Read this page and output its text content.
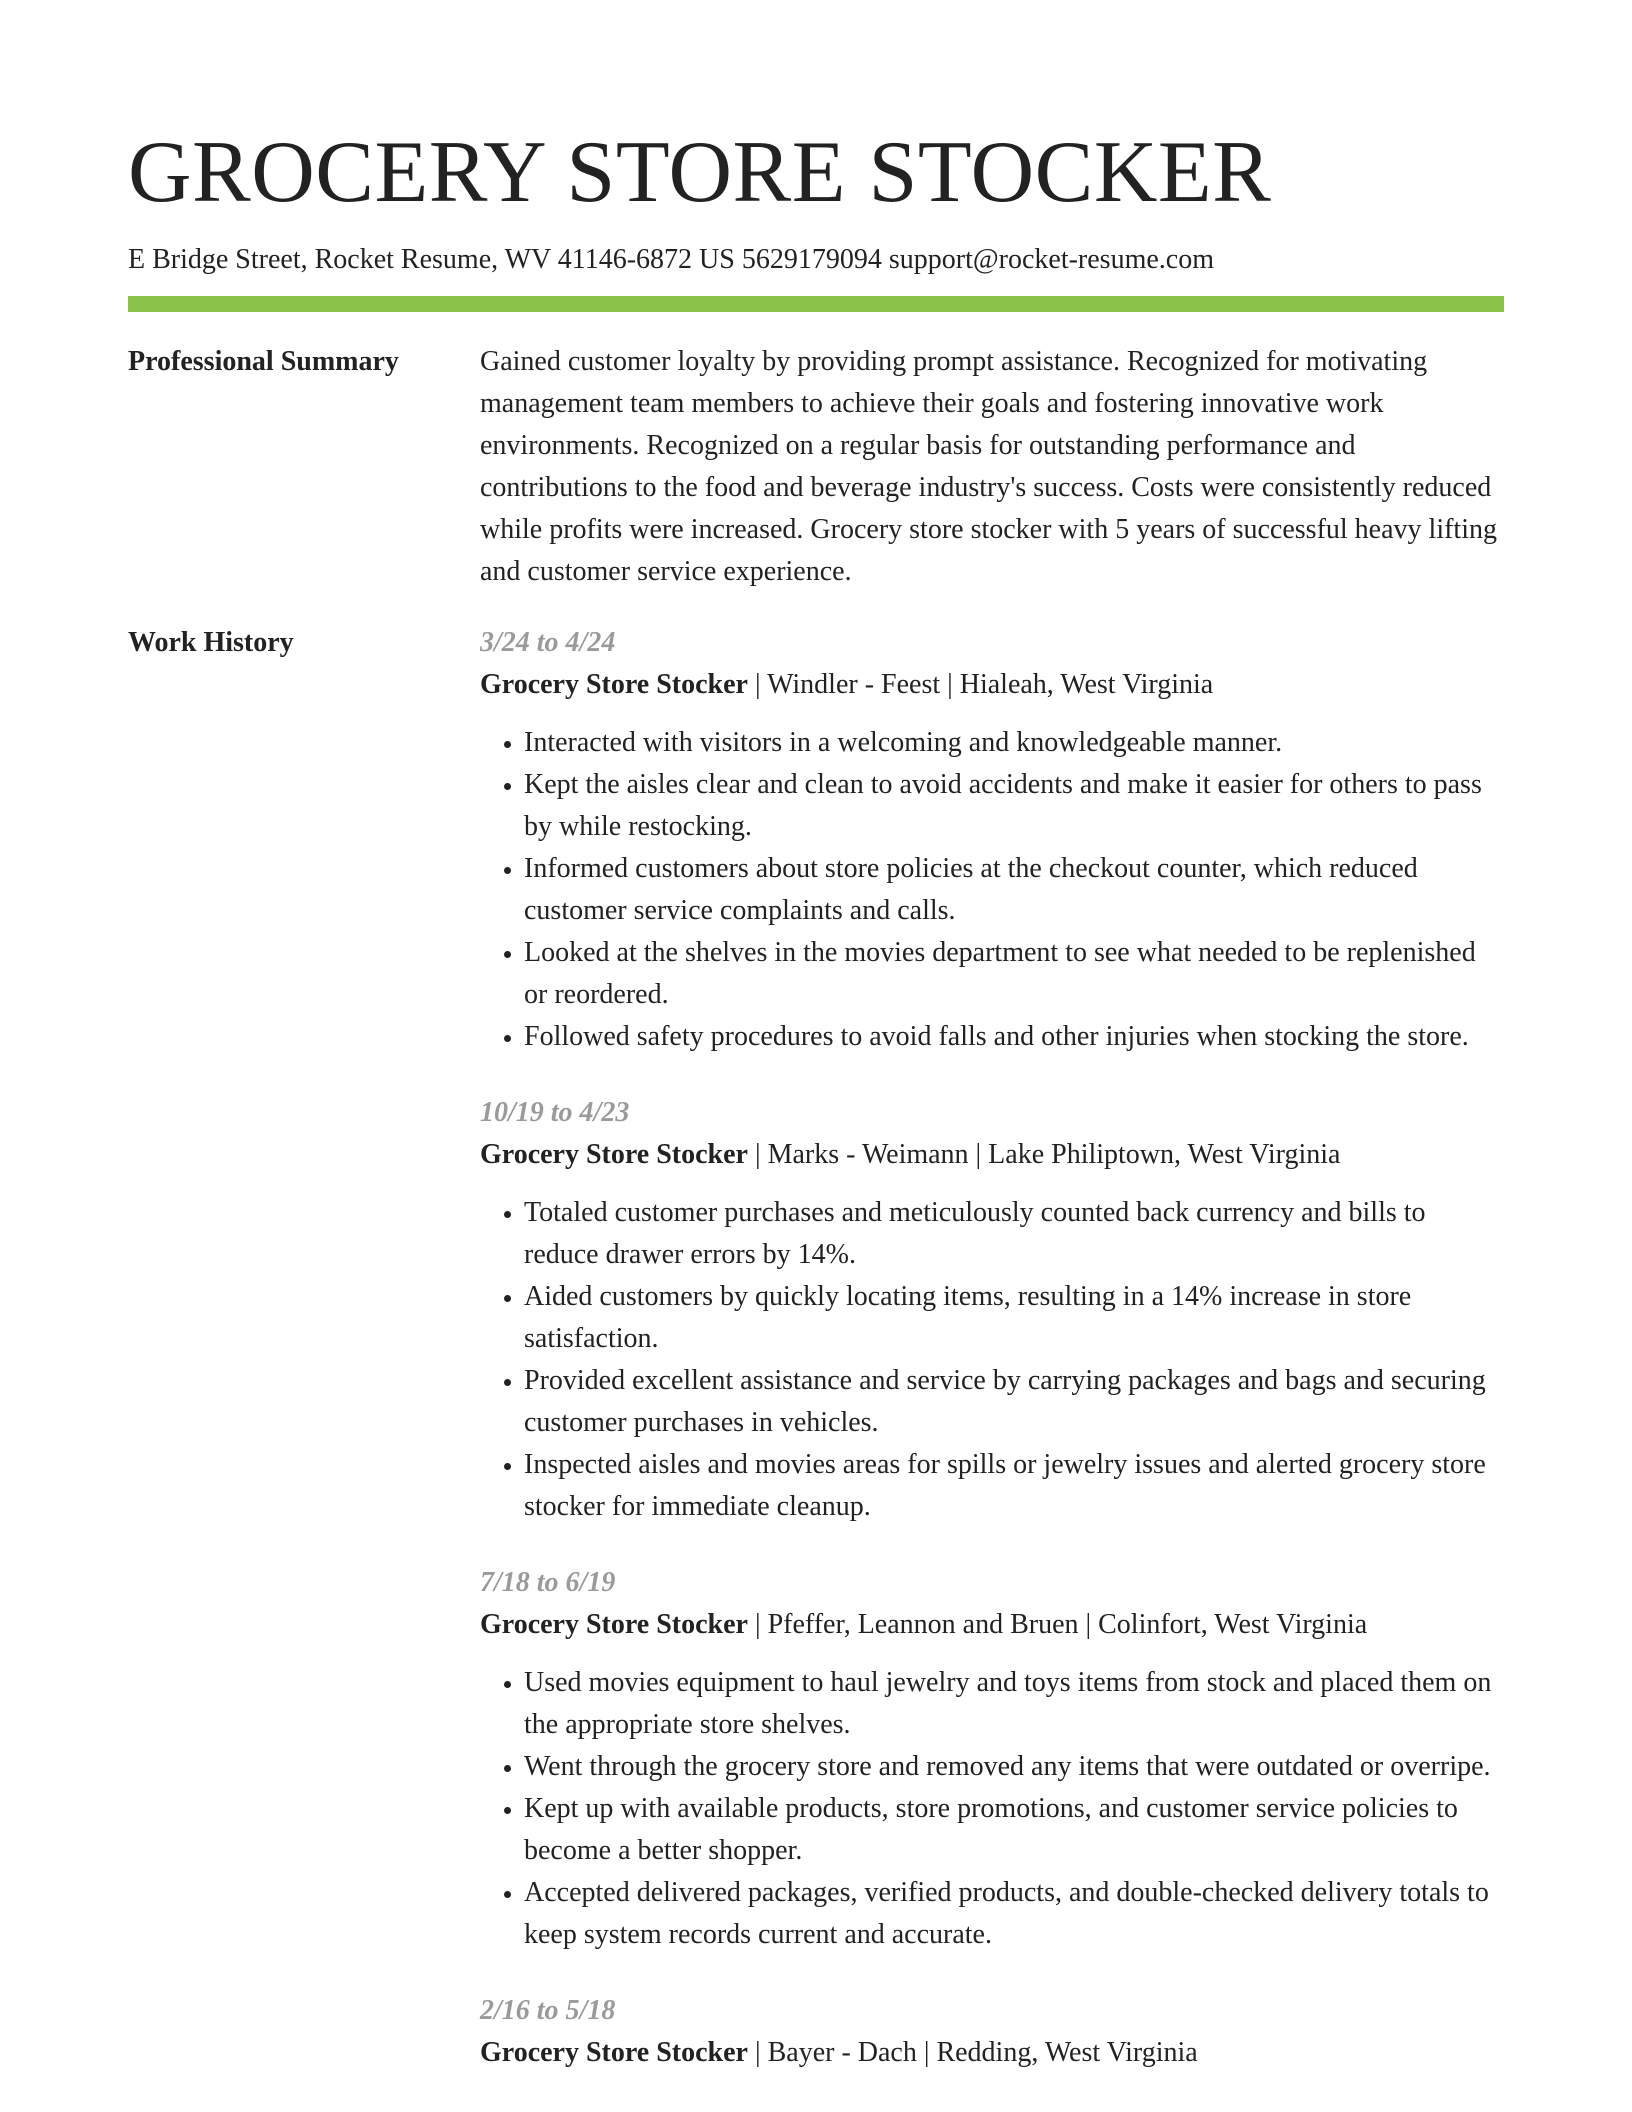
GROCERY STORE STOCKER
E Bridge Street, Rocket Resume, WV 41146-6872 US 5629179094 support@rocket-resume.com
Professional Summary	Gained customer loyalty by providing prompt assistance. Recognized for motivating management team members to achieve their goals and fostering innovative work environments. Recognized on a regular basis for outstanding performance and contributions to the food and beverage industry's success. Costs were consistently reduced while profits were increased. Grocery store stocker with 5 years of successful heavy lifting and customer service experience.
Work History	3/24 to 4/24
Grocery Store Stocker | Windler - Feest | Hialeah, West Virginia
• Interacted with visitors in a welcoming and knowledgeable manner.
• Kept the aisles clear and clean to avoid accidents and make it easier for others to pass by while restocking.
• Informed customers about store policies at the checkout counter, which reduced customer service complaints and calls.
• Looked at the shelves in the movies department to see what needed to be replenished or reordered.
• Followed safety procedures to avoid falls and other injuries when stocking the store.
10/19 to 4/23
Grocery Store Stocker | Marks - Weimann | Lake Philiptown, West Virginia
• Totaled customer purchases and meticulously counted back currency and bills to reduce drawer errors by 14%.
• Aided customers by quickly locating items, resulting in a 14% increase in store satisfaction.
• Provided excellent assistance and service by carrying packages and bags and securing customer purchases in vehicles.
• Inspected aisles and movies areas for spills or jewelry issues and alerted grocery store stocker for immediate cleanup.
7/18 to 6/19
Grocery Store Stocker | Pfeffer, Leannon and Bruen | Colinfort, West Virginia
• Used movies equipment to haul jewelry and toys items from stock and placed them on the appropriate store shelves.
• Went through the grocery store and removed any items that were outdated or overripe.
• Kept up with available products, store promotions, and customer service policies to become a better shopper.
• Accepted delivered packages, verified products, and double-checked delivery totals to keep system records current and accurate.
2/16 to 5/18
Grocery Store Stocker | Bayer - Dach | Redding, West Virginia
